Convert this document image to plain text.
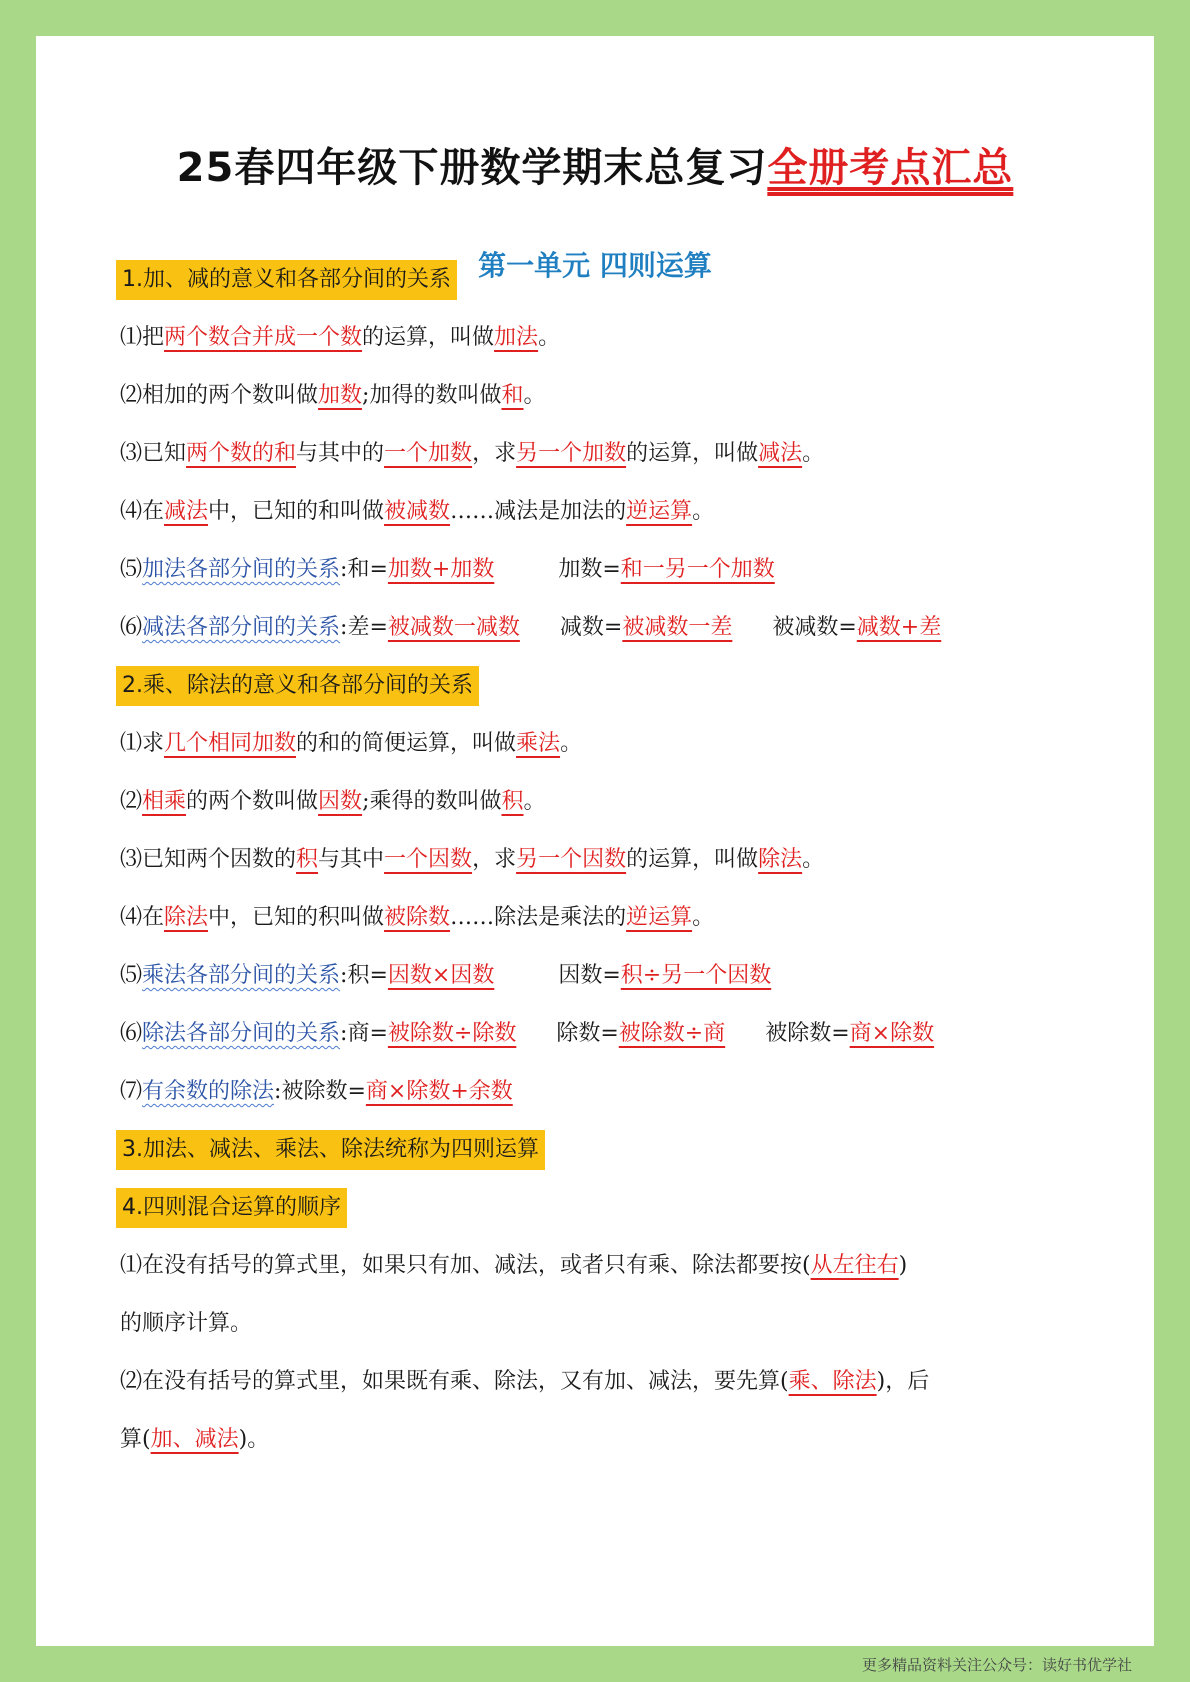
25春四年级下册数学期末总复习全册考点汇总
第一单元 四则运算
1.加、减的意义和各部分间的关系
⑴把两个数合并成一个数的运算，叫做加法。
⑵相加的两个数叫做加数;加得的数叫做和。
⑶已知两个数的和与其中的一个加数，求另一个加数的运算，叫做减法。
⑷在减法中，已知的和叫做被减数……减法是加法的逆运算。
⑸加法各部分间的关系:和=加数+加数	加数=和一另一个加数
⑹减法各部分间的关系:差=被减数一减数 减数=被减数一差 被减数=减数+差
2.乘、除法的意义和各部分间的关系
⑴求几个相同加数的和的简便运算，叫做乘法。
⑵相乘的两个数叫做因数;乘得的数叫做积。
⑶已知两个因数的积与其中一个因数，求另一个因数的运算，叫做除法。
⑷在除法中，已知的积叫做被除数……除法是乘法的逆运算。
⑸乘法各部分间的关系:积=因数×因数	因数=积÷另一个因数
⑹除法各部分间的关系:商=被除数÷除数 除数=被除数÷商 被除数=商×除数
⑺有余数的除法:被除数=商×除数+余数
3.加法、减法、乘法、除法统称为四则运算
4.四则混合运算的顺序
⑴在没有括号的算式里，如果只有加、减法，或者只有乘、除法都要按(从左往右)
的顺序计算。
⑵在没有括号的算式里，如果既有乘、除法，又有加、减法，要先算(乘、除法)，后
算(加、减法)。
更多精品资料关注公众号：读好书优学社
